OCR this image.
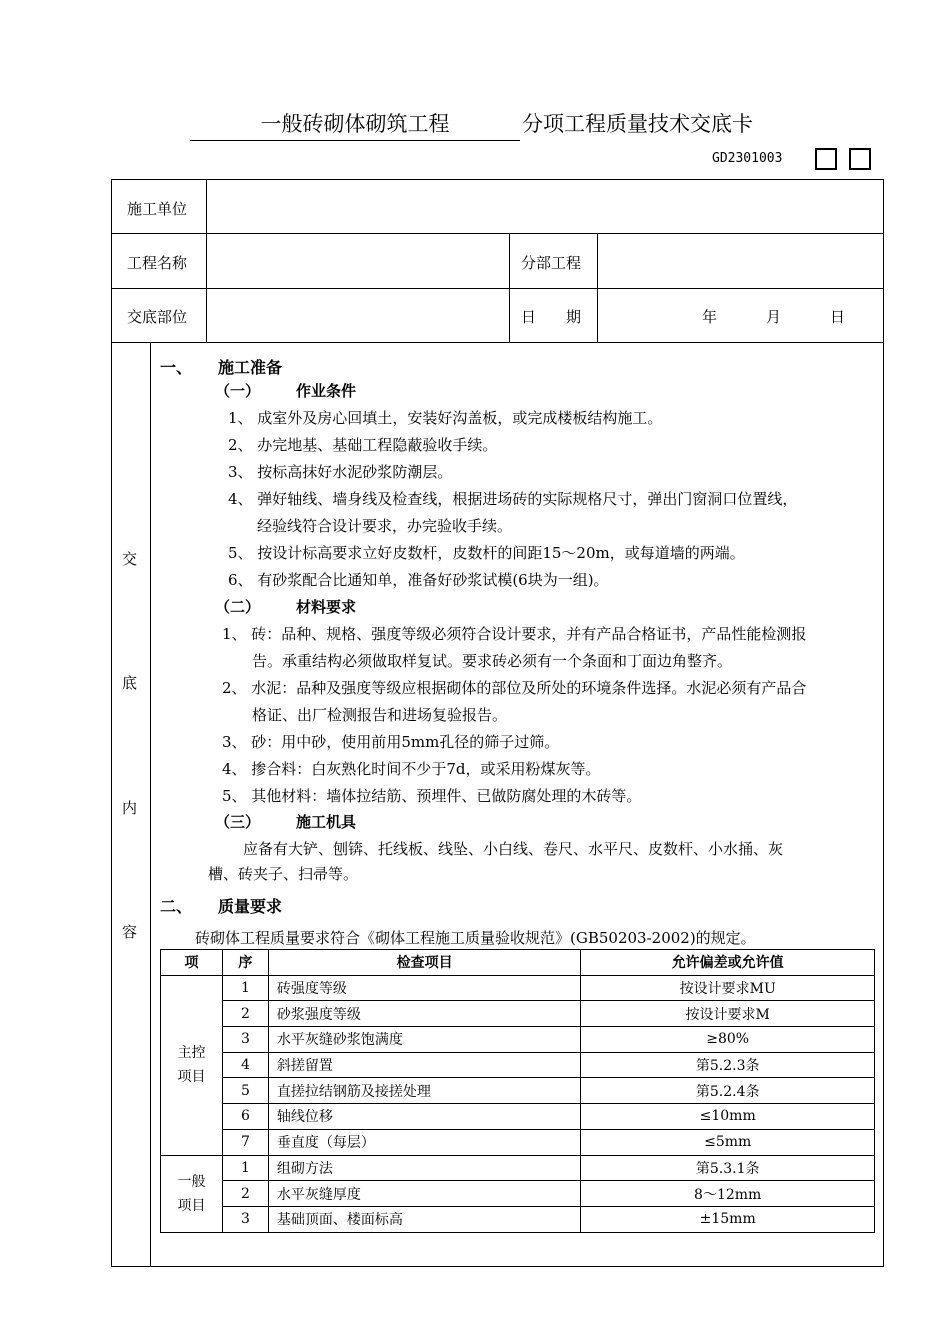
一般砖砌体砌筑工程	分项工程质量技术交底卡
GD2301003
施工单位
工程名称	分部工程
交底部位	日　　期	年	月	日
交
底
内
容
一、 施工准备
（一） 作业条件
1、 成室外及房心回填土，安装好沟盖板，或完成楼板结构施工。
2、 办完地基、基础工程隐蔽验收手续。
3、 按标高抹好水泥砂浆防潮层。
4、 弹好轴线、墙身线及检查线，根据进场砖的实际规格尺寸，弹出门窗洞口位置线，
经验线符合设计要求，办完验收手续。
5、 按设计标高要求立好皮数杆，皮数杆的间距15～20m，或每道墙的两端。
6、 有砂浆配合比通知单，准备好砂浆试模(6块为一组)。
（二） 材料要求
1、 砖：品种、规格、强度等级必须符合设计要求，并有产品合格证书，产品性能检测报
告。承重结构必须做取样复试。要求砖必须有一个条面和丁面边角整齐。
2、 水泥：品种及强度等级应根据砌体的部位及所处的环境条件选择。水泥必须有产品合
格证、出厂检测报告和进场复验报告。
3、 砂：用中砂，使用前用5mm孔径的筛子过筛。
4、 掺合料：白灰熟化时间不少于7d，或采用粉煤灰等。
5、 其他材料：墙体拉结筋、预埋件、已做防腐处理的木砖等。
（三） 施工机具
应备有大铲、刨锛、托线板、线坠、小白线、卷尺、水平尺、皮数杆、小水捅、灰
槽、砖夹子、扫帚等。
二、 质量要求
砖砌体工程质量要求符合《砌体工程施工质量验收规范》(GB50203-2002)的规定。
项	序	检查项目	允许偏差或允许值

主控项目	1	砖强度等级	按设计要求MU
	2	砂浆强度等级	按设计要求M
	3	水平灰缝砂浆饱满度	≥80%
	4	斜搓留置	第5.2.3条
	5	直搓拉结钢筋及接搓处理	第5.2.4条
	6	轴线位移	≤10mm
	7	垂直度（每层）	≤5mm

一般项目	1	组砌方法	第5.3.1条
	2	水平灰缝厚度	8～12mm
	3	基础顶面、楼面标高	±15mm
